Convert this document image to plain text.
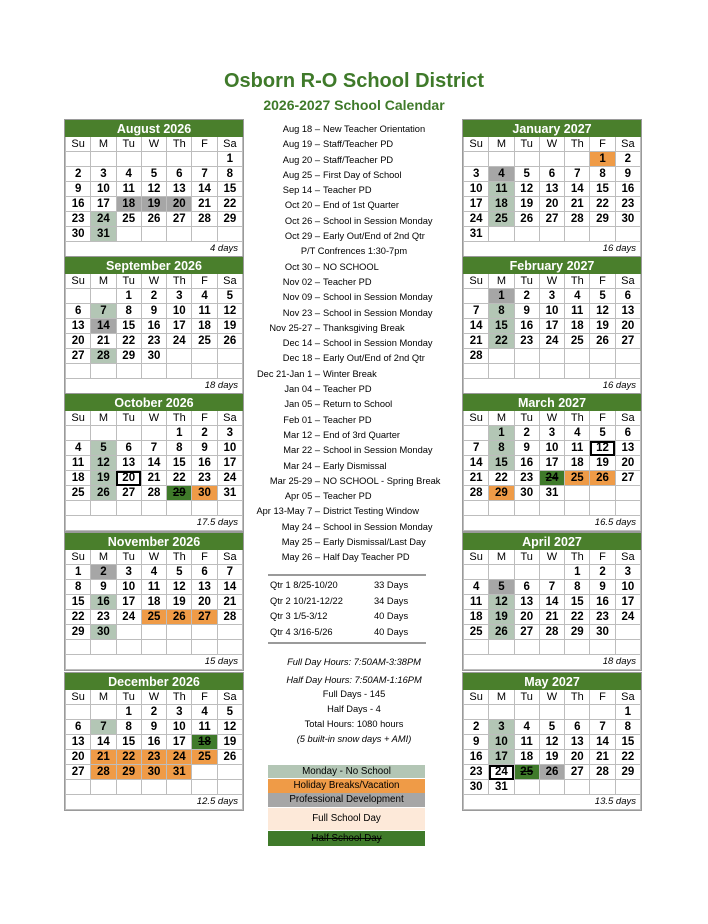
Osborn R-O School District
2026-2027 School Calendar
August 2026						
Su	M	Tu	W	Th	F	Sa
						1
2	3	4	5	6	7	8
9	10	11	12	13	14	15
16	17	18	19	20	21	22
23	24	25	26	27	28	29
30	31					
4 days						
September 2026						
Su	M	Tu	W	Th	F	Sa
		1	2	3	4	5
6	7	8	9	10	11	12
13	14	15	16	17	18	19
20	21	22	23	24	25	26
27	28	29	30			

18 days						
October 2026						
Su	M	Tu	W	Th	F	Sa
				1	2	3
4	5	6	7	8	9	10
11	12	13	14	15	16	17
18	19	20	21	22	23	24
25	26	27	28	29	30	31

17.5 days						
November 2026						
Su	M	Tu	W	Th	F	Sa
1	2	3	4	5	6	7
8	9	10	11	12	13	14
15	16	17	18	19	20	21
22	23	24	25	26	27	28
29	30					

15 days						
December 2026						
Su	M	Tu	W	Th	F	Sa
		1	2	3	4	5
6	7	8	9	10	11	12
13	14	15	16	17	18	19
20	21	22	23	24	25	26
27	28	29	30	31		

12.5 days						
January 2027						
Su	M	Tu	W	Th	F	Sa
					1	2
3	4	5	6	7	8	9
10	11	12	13	14	15	16
17	18	19	20	21	22	23
24	25	26	27	28	29	30
31						
16 days						
February 2027						
Su	M	Tu	W	Th	F	Sa
	1	2	3	4	5	6
7	8	9	10	11	12	13
14	15	16	17	18	19	20
21	22	23	24	25	26	27
28						

16 days						
March 2027						
Su	M	Tu	W	Th	F	Sa
	1	2	3	4	5	6
7	8	9	10	11	12	13
14	15	16	17	18	19	20
21	22	23	24	25	26	27
28	29	30	31			

16.5 days						
April 2027						
Su	M	Tu	W	Th	F	Sa
				1	2	3
4	5	6	7	8	9	10
11	12	13	14	15	16	17
18	19	20	21	22	23	24
25	26	27	28	29	30	

18 days						
May 2027						
Su	M	Tu	W	Th	F	Sa
						1
2	3	4	5	6	7	8
9	10	11	12	13	14	15
16	17	18	19	20	21	22
23	24	25	26	27	28	29
30	31					
13.5 days						
Aug 18 – New Teacher Orientation
Aug 19 – Staff/Teacher PD
Aug 20 – Staff/Teacher PD
Aug 25 – First Day of School
Sep 14 – Teacher PD
Oct 20 – End of 1st Quarter
Oct 26 – School in Session Monday
Oct 29 – Early Out/End of 2nd Qtr
P/T Confrences 1:30-7pm
Oct 30 – NO SCHOOL
Nov 02 – Teacher PD
Nov 09 – School in Session Monday
Nov 23 – School in Session Monday
Nov 25-27 – Thanksgiving Break
Dec 14 – School in Session Monday
Dec 18 – Early Out/End of 2nd Qtr
Dec 21-Jan 1 – Winter Break
Jan 04 – Teacher PD
Jan 05 – Return to School
Feb 01 – Teacher PD
Mar 12 – End of 3rd Quarter
Mar 22 – School in Session Monday
Mar 24 – Early Dismissal
Mar 25-29 – NO SCHOOL - Spring Break
Apr 05 – Teacher PD
Apr 13-May 7 – District Testing Window
May 24 – School in Session Monday
May 25 – Early Dismissal/Last Day
May 26 – Half Day Teacher PD
Qtr 1 8/25-10/20	33 Days
Qtr 2 10/21-12/22	34 Days
Qtr 3 1/5-3/12	40 Days
Qtr 4 3/16-5/26	40 Days
Full Day Hours: 7:50AM-3:38PM
Half Day Hours: 7:50AM-1:16PM
Full Days - 145
Half Days - 4
Total Hours: 1080 hours
(5 built-in snow days + AMI)
Monday - No School
Holiday Breaks/Vacation
Professional Development
Full School Day
Half School Day
